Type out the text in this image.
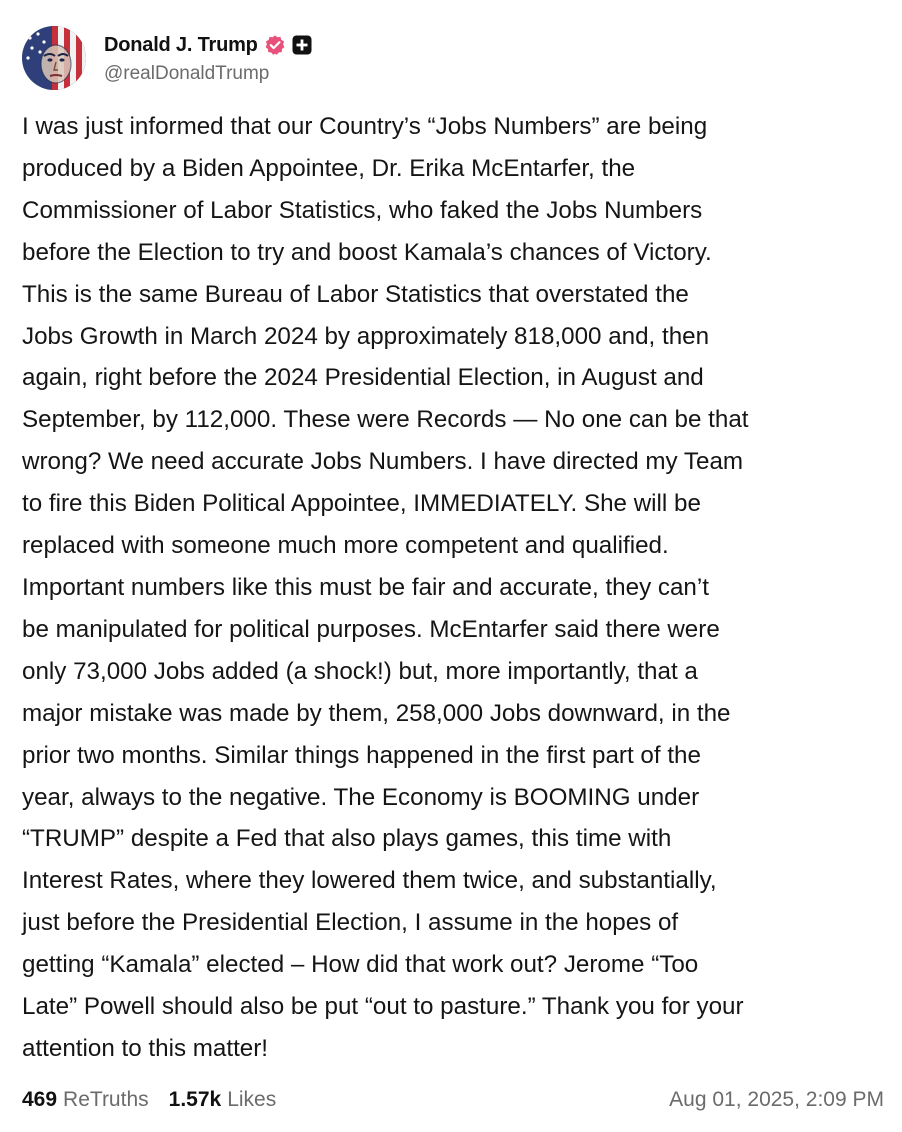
Donald J. Trump
@realDonaldTrump

I was just informed that our Country’s “Jobs Numbers” are being
produced by a Biden Appointee, Dr. Erika McEntarfer, the
Commissioner of Labor Statistics, who faked the Jobs Numbers
before the Election to try and boost Kamala’s chances of Victory.
This is the same Bureau of Labor Statistics that overstated the
Jobs Growth in March 2024 by approximately 818,000 and, then
again, right before the 2024 Presidential Election, in August and
September, by 112,000. These were Records — No one can be that
wrong? We need accurate Jobs Numbers. I have directed my Team
to fire this Biden Political Appointee, IMMEDIATELY. She will be
replaced with someone much more competent and qualified.
Important numbers like this must be fair and accurate, they can’t
be manipulated for political purposes. McEntarfer said there were
only 73,000 Jobs added (a shock!) but, more importantly, that a
major mistake was made by them, 258,000 Jobs downward, in the
prior two months. Similar things happened in the first part of the
year, always to the negative. The Economy is BOOMING under
“TRUMP” despite a Fed that also plays games, this time with
Interest Rates, where they lowered them twice, and substantially,
just before the Presidential Election, I assume in the hopes of
getting “Kamala” elected – How did that work out? Jerome “Too
Late” Powell should also be put “out to pasture.” Thank you for your
attention to this matter!

469 ReTruths 1.57k Likes	Aug 01, 2025, 2:09 PM
